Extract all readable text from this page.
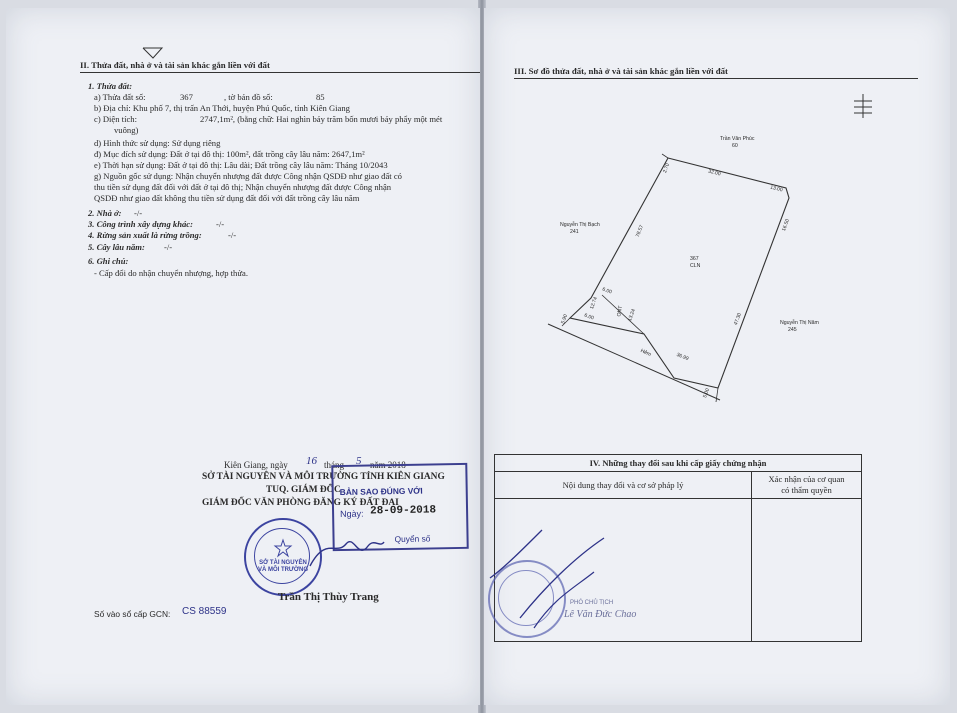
II. Thửa đất, nhà ở và tài sản khác gắn liền với đất
1. Thửa đất:
a) Thửa đất số:	367	, tờ bản đồ số:	85
b) Địa chỉ: Khu phố 7, thị trấn An Thới, huyện Phú Quốc, tỉnh Kiên Giang
c) Diện tích:	2747,1m², (bằng chữ: Hai nghìn bảy trăm bốn mươi bảy phẩy một mét
vuông)
d) Hình thức sử dụng: Sử dụng riêng
đ) Mục đích sử dụng: Đất ở tại đô thị: 100m², đất trồng cây lâu năm: 2647,1m²
e) Thời hạn sử dụng: Đất ở tại đô thị: Lâu dài; Đất trồng cây lâu năm: Tháng 10/2043
g) Nguồn gốc sử dụng: Nhận chuyển nhượng đất được Công nhận QSDĐ như giao đất có
thu tiền sử dụng đất đối với đất ở tại đô thị; Nhận chuyển nhượng đất được Công nhận
QSDĐ như giao đất không thu tiền sử dụng đất đối với đất trồng cây lâu năm
2. Nhà ở: -/-
3. Công trình xây dựng khác:	-/-
4. Rừng sản xuất là rừng trồng:	-/-
5. Cây lâu năm: -/-
6. Ghi chú:
- Cấp đổi do nhận chuyển nhượng, hợp thửa.
Kiên Giang, ngày 16 tháng 5 năm 2018
SỞ TÀI NGUYÊN VÀ MÔI TRƯỜNG TỈNH KIÊN GIANG
TUQ. GIÁM ĐỐC
GIÁM ĐỐC VĂN PHÒNG ĐĂNG KÝ ĐẤT ĐAI
BẢN SAO ĐÚNG VỚI
Ngày: 28-09-2018
Quyển số
SỞ TÀI NGUYÊN VÀ MÔI TRƯỜNG
Trần Thị Thùy Trang
Số vào sổ cấp GCN: CS 88559
III. Sơ đồ thửa đất, nhà ở và tài sản khác gắn liền với đất
Trần Văn Phúc
60
Nguyễn Thị Bạch
241
Nguyễn Thị Năm
245
367
CLN
ONT
Hẻm
2.70	32.00
13.00
78.57	16.50
47.30
6.00
12.74
13.24
6.00
5.90
36.99
5.00
IV. Những thay đổi sau khi cấp giấy chứng nhận	
Nội dung thay đổi và cơ sở pháp lý	Xác nhận của cơ quan
có thẩm quyền

PHÓ CHỦ TỊCH
Lê Văn Đức Chao
